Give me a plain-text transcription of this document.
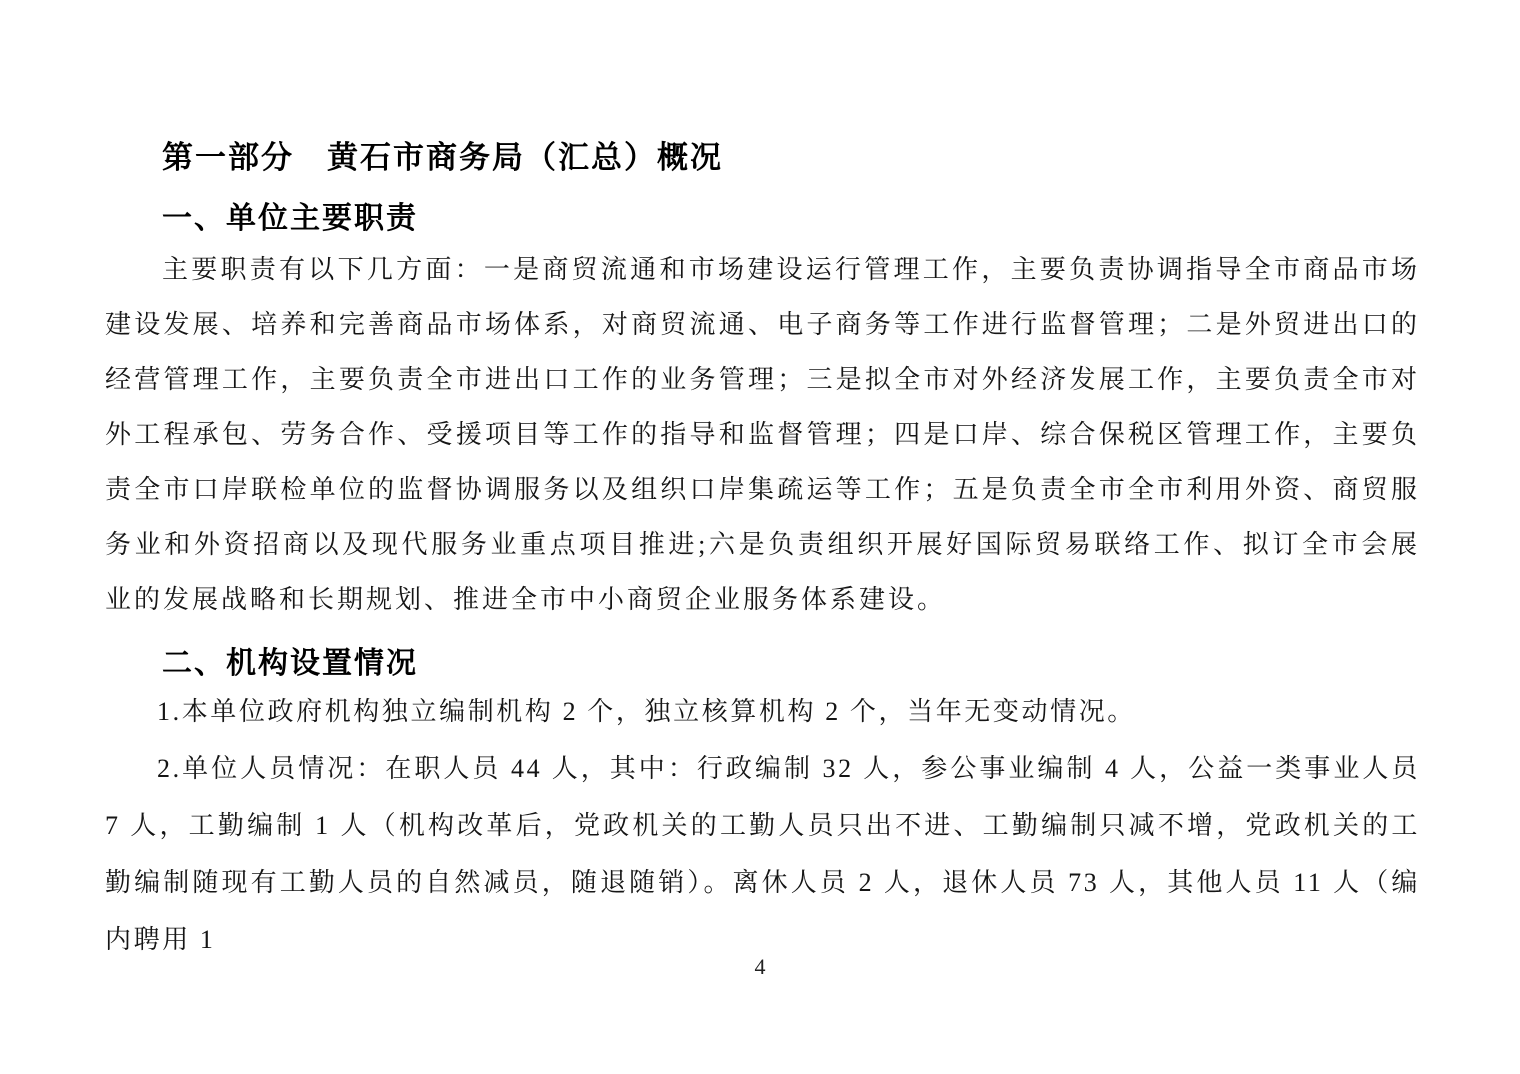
第一部分　黄石市商务局（汇总）概况
一、单位主要职责

主要职责有以下几方面：一是商贸流通和市场建设运行管理工作，主要负责协调指导全市商品市场建设发展、培养和完善商品市场体系，对商贸流通、电子商务等工作进行监督管理；二是外贸进出口的经营管理工作，主要负责全市进出口工作的业务管理；三是拟全市对外经济发展工作，主要负责全市对外工程承包、劳务合作、受援项目等工作的指导和监督管理；四是口岸、综合保税区管理工作，主要负责全市口岸联检单位的监督协调服务以及组织口岸集疏运等工作；五是负责全市全市利用外资、商贸服务业和外资招商以及现代服务业重点项目推进;六是负责组织开展好国际贸易联络工作、拟订全市会展业的发展战略和长期规划、推进全市中小商贸企业服务体系建设。

二、机构设置情况

1.本单位政府机构独立编制机构 2 个，独立核算机构 2 个，当年无变动情况。

2.单位人员情况：在职人员 44 人，其中：行政编制 32 人，参公事业编制 4 人，公益一类事业人员 7 人，工勤编制 1 人（机构改革后，党政机关的工勤人员只出不进、工勤编制只减不增，党政机关的工勤编制随现有工勤人员的自然减员，随退随销）。离休人员 2 人，退休人员 73 人，其他人员 11 人（编内聘用 1

4
